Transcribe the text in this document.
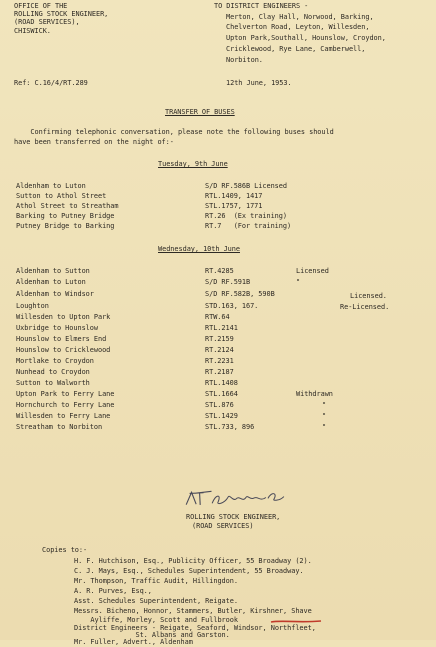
OFFICE OF THE
ROLLING STOCK ENGINEER,
(ROAD SERVICES),
CHISWICK.
TO DISTRICT ENGINEERS -
Merton, Clay Hall, Norwood, Barking,
Chelverton Road, Leyton, Willesden,
Upton Park,Southall, Hounslow, Croydon,
Cricklewood, Rye Lane, Camberwell,
Norbiton.
Ref: C.16/4/RT.289	12th June, 1953.
TRANSFER OF BUSES
Confirming telephonic conversation, please note the following buses should
have been transferred on the night of:-
Tuesday, 9th June
Aldenham to Luton	S/D RF.586B Licensed
Sutton to Athol Street	RTL.1409, 1417
Athol Street to Streatham	STL.1757, 1771
Barking to Putney Bridge	RT.26  (Ex training)
Putney Bridge to Barking	RT.7   (For training)
Wednesday, 10th June
Aldenham to Sutton	RT.4285	Licensed
Aldenham to Luton	S/D RF.591B	"
Aldenham to Windsor	S/D RF.582B, 590B	Licensed.
Loughton	STD.163, 167.	Re-Licensed.
Willesden to Upton Park	RTW.64
Uxbridge to Hounslow	RTL.2141
Hounslow to Elmers End	RT.2159
Hounslow to Cricklewood	RT.2124
Mortlake to Croydon	RT.2231
Nunhead to Croydon	RT.2187
Sutton to Walworth	RTL.1408
Upton Park to Ferry Lane	STL.1664	Withdrawn
Hornchurch to Ferry Lane	STL.876	"
Willesden to Ferry Lane	STL.1429	"
Streatham to Norbiton	STL.733, 896	"
ROLLING STOCK ENGINEER,
(ROAD SERVICES)
Copies to:-
H. F. Hutchison, Esq., Publicity Officer, 55 Broadway (2).
C. J. Mays, Esq., Schedules Superintendent, 55 Broadway.
Mr. Thompson, Traffic Audit, Hillingdon.
A. R. Purves, Esq.,
Asst. Schedules Superintendent, Reigate.
Messrs. Bicheno, Honnor, Stammers, Butler, Kirshner, Shave
Ayliffe, Morley, Scott and Fullbrook
District Engineers - Reigate, Seaford, Windsor, Northfleet,
St. Albans and Garston.
Mr. Fuller, Advert., Aldenham
